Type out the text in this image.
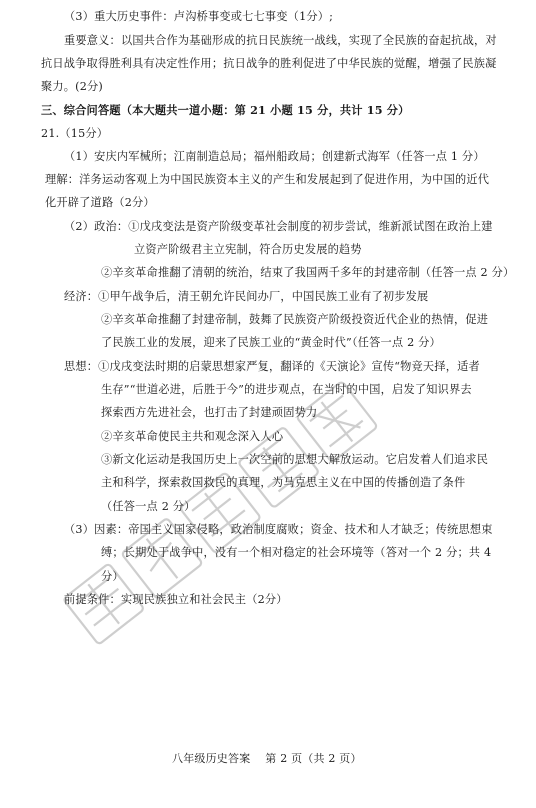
（3）重大历史事件：卢沟桥事变或七七事变（1分）;
重要意义：以国共合作为基础形成的抗日民族统一战线，实现了全民族的奋起抗战，对
抗日战争取得胜利具有决定性作用；抗日战争的胜利促进了中华民族的觉醒，增强了民族凝
聚力。(2分)
三、综合问答题（本大题共一道小题：第 21 小题 15 分，共计 15 分）
21.（15分）
（1）安庆内军械所；江南制造总局；福州船政局；创建新式海军（任答一点 1 分）
理解：洋务运动客观上为中国民族资本主义的产生和发展起到了促进作用，为中国的近代
化开辟了道路（2分）
（2）政治：①戊戌变法是资产阶级变革社会制度的初步尝试，维新派试图在政治上建
立资产阶级君主立宪制，符合历史发展的趋势
②辛亥革命推翻了清朝的统治，结束了我国两千多年的封建帝制（任答一点 2 分）
经济：①甲午战争后，清王朝允许民间办厂，中国民族工业有了初步发展
②辛亥革命推翻了封建帝制，鼓舞了民族资产阶级投资近代企业的热情，促进
了民族工业的发展，迎来了民族工业的“黄金时代”（任答一点 2 分）
思想：①戊戌变法时期的启蒙思想家严复，翻译的《天演论》宣传“物竞天择，适者
生存”“世道必进，后胜于今”的进步观点，在当时的中国，启发了知识界去
探索西方先进社会，也打击了封建顽固势力
②辛亥革命使民主共和观念深入人心
③新文化运动是我国历史上一次空前的思想大解放运动。它启发着人们追求民
主和科学，探索救国救民的真理，为马克思主义在中国的传播创造了条件
（任答一点 2 分）
（3）因素：帝国主义国家侵略，政治制度腐败；资金、技术和人才缺乏；传统思想束
缚；长期处于战争中，没有一个相对稳定的社会环境等（答对一个 2 分；共 4
分）
前提条件：实现民族独立和社会民主（2分）
八年级历史答案　 第 2 页（共 2 页）
